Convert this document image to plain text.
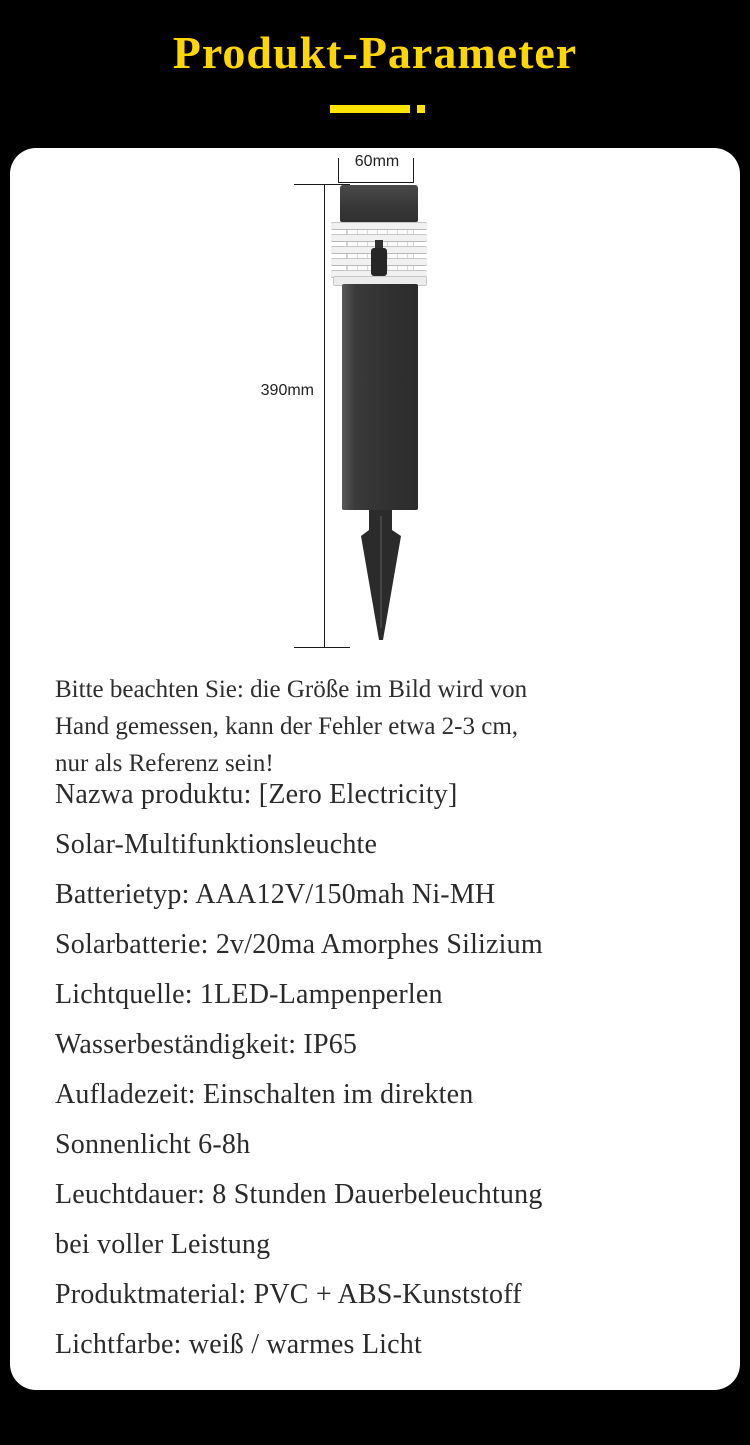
Produkt-Parameter
60mm
390mm
Bitte beachten Sie: die Größe im Bild wird von
Hand gemessen, kann der Fehler etwa 2-3 cm,
nur als Referenz sein!
Nazwa produktu: [Zero Electricity]
Solar-Multifunktionsleuchte
Batterietyp: AAA12V/150mah Ni-MH
Solarbatterie: 2v/20ma Amorphes Silizium
Lichtquelle: 1LED-Lampenperlen
Wasserbeständigkeit: IP65
Aufladezeit: Einschalten im direkten
Sonnenlicht 6-8h
Leuchtdauer: 8 Stunden Dauerbeleuchtung
bei voller Leistung
Produktmaterial: PVC + ABS-Kunststoff
Lichtfarbe: weiß / warmes Licht
